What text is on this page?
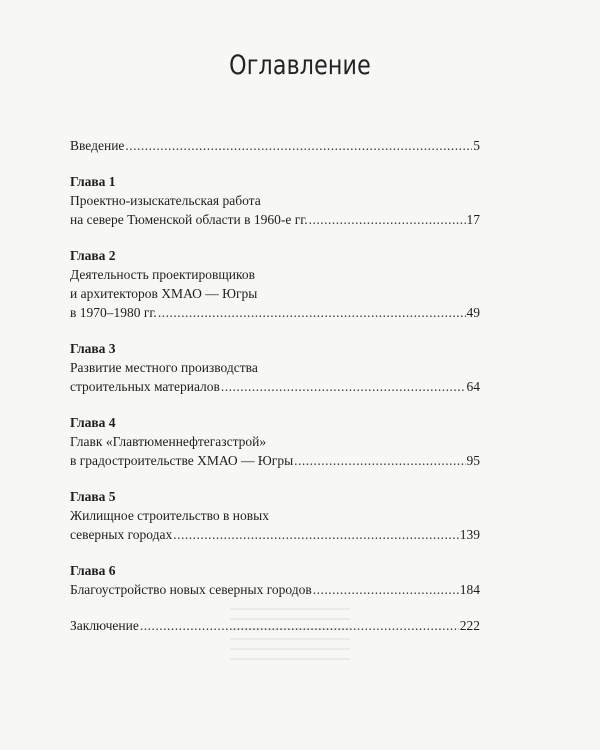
Оглавление
Введение .....	5
Глава 1
Проектно-изыскательская работа
на севере Тюменской области в 1960-е гг. .....	17
Глава 2
Деятельность проектировщиков
и архитекторов ХМАО — Югры
в 1970–1980 гг. .....	49
Глава 3
Развитие местного производства
строительных материалов .....	64
Глава 4
Главк «Главтюменнефтегазстрой»
в градостроительстве ХМАО — Югры .....	95
Глава 5
Жилищное строительство в новых
северных городах .....	139
Глава 6
Благоустройство новых северных городов .....	184
Заключение .....	222
